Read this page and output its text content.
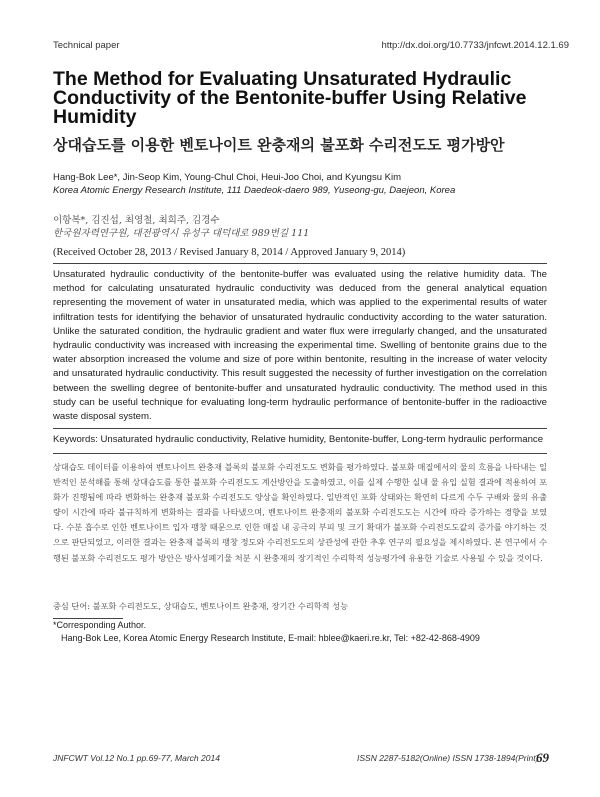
Technical paper	http://dx.doi.org/10.7733/jnfcwt.2014.12.1.69
The Method for Evaluating Unsaturated Hydraulic Conductivity of the Bentonite-buffer Using Relative Humidity
상대습도를 이용한 벤토나이트 완충재의 불포화 수리전도도 평가방안
Hang-Bok Lee*, Jin-Seop Kim, Young-Chul Choi, Heui-Joo Choi, and Kyungsu Kim
Korea Atomic Energy Research Institute, 111 Daedeok-daero 989, Yuseong-gu, Daejeon, Korea
이항복*, 김진섭, 최영철, 최희주, 김경수
한국원자력연구원, 대전광역시 유성구 대덕대로 989번길 111
(Received October 28, 2013 / Revised January 8, 2014 / Approved January 9, 2014)

Unsaturated hydraulic conductivity of the bentonite-buffer was evaluated using the relative humidity data. The method for calculating unsaturated hydraulic conductivity was deduced from the general analytical equation representing the movement of water in unsaturated media, which was applied to the experimental results of water infiltration tests for identifying the behavior of unsaturated hydraulic conductivity according to the water saturation. Unlike the saturated condition, the hydraulic gradient and water flux were irregularly changed, and the unsaturated hydraulic conductivity was increased with increasing the experimental time. Swelling of bentonite grains due to the water absorption increased the volume and size of pore within bentonite, resulting in the increase of water velocity and unsaturated hydraulic conductivity. This result suggested the necessity of further investigation on the correlation between the swelling degree of bentonite-buffer and unsaturated hydraulic conductivity. The method used in this study can be useful technique for evaluating long-term hydraulic performance of bentonite-buffer in the radioactive waste disposal system.

Keywords: Unsaturated hydraulic conductivity, Relative humidity, Bentonite-buffer, Long-term hydraulic performance

상대습도 데이터를 이용하여 벤토나이트 완충재 블록의 불포화 수리전도도 변화를 평가하였다. 불포화 매질에서의 물의 흐름을 나타내는 일반적인 분석해를 통해 상대습도를 통한 불포화 수리전도도 계산방안을 도출하였고, 이를 실제 수행한 실내 물 유입 실험 결과에 적용하여 포화가 진행됨에 따라 변화하는 완충재 불포화 수리전도도 양상을 확인하였다. 일반적인 포화 상태와는 확연히 다르게 수두 구배와 물의 유출량이 시간에 따라 불규칙하게 변화하는 결과를 나타냈으며, 벤토나이트 완충재의 불포화 수리전도도는 시간에 따라 증가하는 경향을 보였다. 수분 흡수로 인한 벤토나이트 입자 팽창 때문으로 인한 매질 내 공극의 부피 및 크기 확대가 불포화 수리전도도값의 증가를 야기하는 것으로 판단되었고, 이러한 결과는 완충재 블록의 팽창 정도와 수리전도도의 상관성에 관한 추후 연구의 필요성을 제시하였다. 본 연구에서 수행된 불포화 수리전도도 평가 방안은 방사성폐기물 처분 시 완충재의 장기적인 수리학적 성능평가에 유용한 기술로 사용될 수 있을 것이다.

중심 단어: 불포화 수리전도도, 상대습도, 벤토나이트 완충재, 장기간 수리학적 성능
*Corresponding Author.
Hang-Bok Lee, Korea Atomic Energy Research Institute, E-mail: hblee@kaeri.re.kr, Tel: +82-42-868-4909
JNFCWT Vol.12 No.1 pp.69-77, March 2014	ISSN 2287-5182(Online) ISSN 1738-1894(Print)
69
